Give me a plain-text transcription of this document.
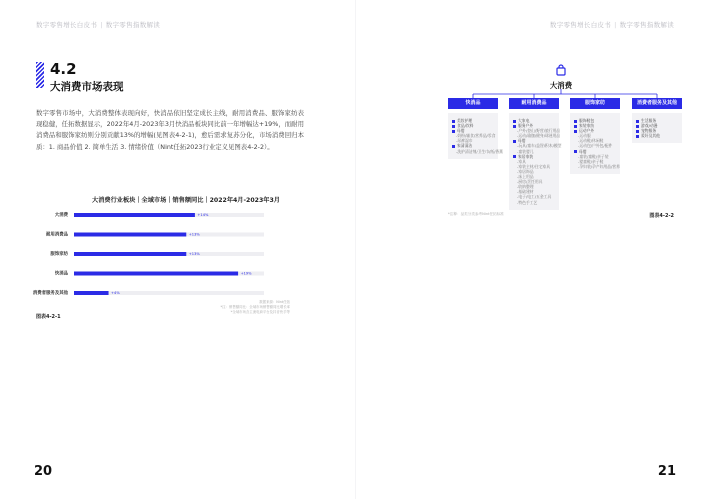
数字零售增长白皮书 | 数字零售指数解读	数字零售增长白皮书 | 数字零售指数解读
4.2
大消费市场表现
数字零售市场中，大消费整体表现向好，快消品依旧坚定成长主线，耐用消费品、服饰家纺表现稳健，任拓数据显示，2022年4月-2023年3月快消品板块同比前一年增幅达+19%，而耐用消费品和服饰家纺则分别贡献13%的增幅(见图表4-2-1)，愈后需求复苏分化，市场消费回归本质：1. 商品价值 2. 简单生活 3. 情绪价值（Nint任拓2023行业定义见图表4-2-2）。
大消费行业板块｜全域市场｜销售额同比｜2022年4月-2023年3月
大消费	+14%
耐用消费品	+13%
服饰家纺	+13%
快消品	+19%
消费者服务及其他	+4%
数据来源：Nint任拓
*注：销售额同比：全域市场销售额同比增长率
*全域市场含主流电商平台及抖音快手等
图表4-2-1
大消费
快消品	耐用消费品	服饰家纺	消费者服务及其他
美妆护理
食品/饮料
母婴
-奶粉/辅食/营养品/零食
-尿裤湿巾
家清清洁
-洗护清洁剂/卫生巾/纸/香薰
大家电
服务户外
-户外/登山/野营/旅行用品
-运动/瑜伽/健身/球迷用品
母婴
-玩具/童车/益智/积木/模型
-童装婴儿
家居家装
-家具
-家装主材/住宅家具
-家居饰品
-床上用品
-厨房/烹饪用具
-收纳整理
-基础建材
-电子/电工/五金工具
-特色手工艺
服饰鞋包
家装家纺
运动户外
-运动服
-运动鞋/休闲鞋
-运动包/户外包/配件
母婴
-童装/童鞋/亲子装
-婴童鞋/亲子鞋
-孕妇装/孕产妇用品/营养
生活服务
游戏/动漫
宠物服务
爱好及其他
*注释：品类分类参考Nint任拓标准	图表4-2-2
20	21
